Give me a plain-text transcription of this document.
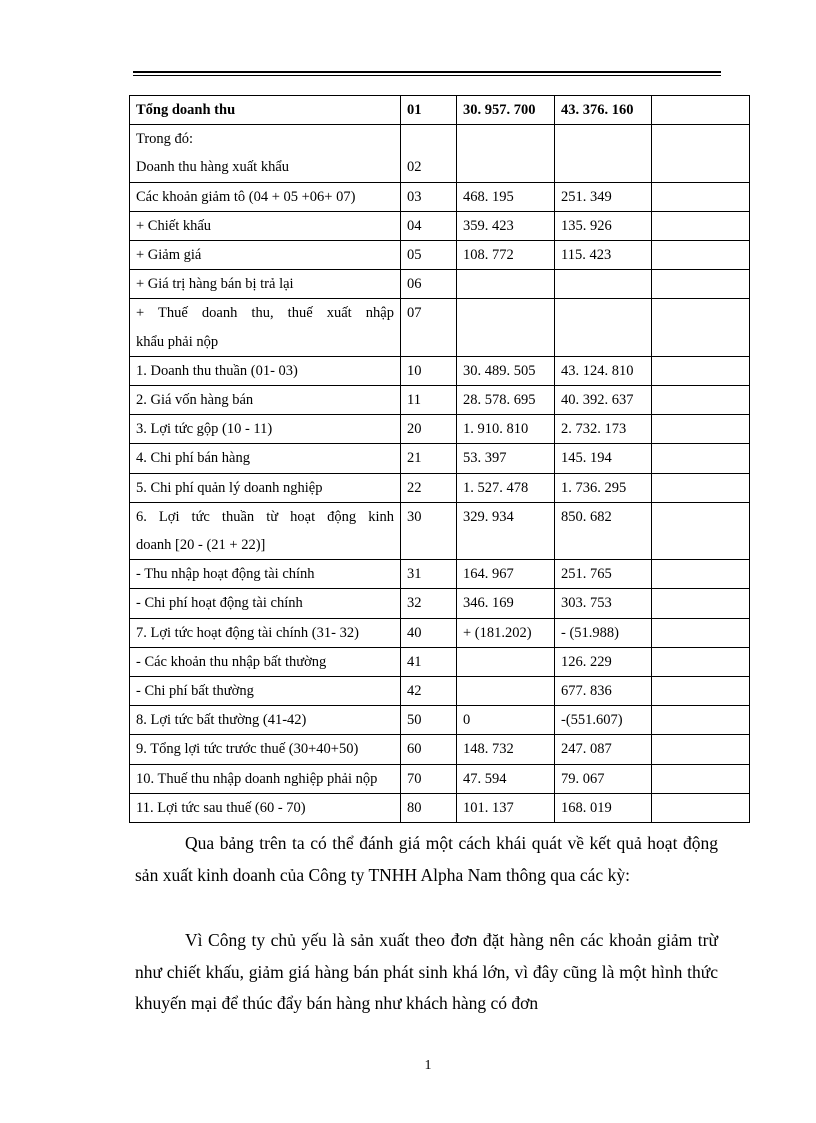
Tổng doanh thu	01	30. 957. 700	43. 376. 160	

Trong đó:
Doanh thu hàng xuất khẩu	02			
Các khoản giảm tô (04 + 05 +06+ 07)	03	468. 195	251. 349	
+ Chiết khấu	04	359. 423	135. 926	
+ Giảm giá	05	108. 772	115. 423	
+ Giá trị hàng bán bị trả lại	06			

+ Thuế doanh thu, thuế xuất nhập
khẩu phải nộp	07			
1. Doanh thu thuần (01- 03)	10	30. 489. 505	43. 124. 810	
2. Giá vốn hàng bán	11	28. 578. 695	40. 392. 637	
3. Lợi tức gộp (10 - 11)	20	1. 910. 810	2. 732. 173	
4. Chi phí bán hàng	21	53. 397	145. 194	
5. Chi phí quản lý doanh nghiệp	22	1. 527. 478	1. 736. 295	

6. Lợi tức thuần từ hoạt động kinh
doanh [20 - (21 + 22)]	30	329. 934	850. 682	
- Thu nhập hoạt động tài chính	31	164. 967	251. 765	
- Chi phí hoạt động tài chính	32	346. 169	303. 753	
7. Lợi tức hoạt động tài chính (31- 32)	40	+ (181.202)	- (51.988)	
- Các khoản thu nhập bất thường	41		126. 229	
- Chi phí bất thường	42		677. 836	
8. Lợi tức bất thường (41-42)	50	0	-(551.607)	
9. Tổng lợi tức trước thuế (30+40+50)	60	148. 732	247. 087	
10. Thuế thu nhập doanh nghiệp phải nộp	70	47. 594	79. 067	
11. Lợi tức sau thuế (60 - 70)	80	101. 137	168. 019	

Qua bảng trên ta có thể đánh giá một cách khái quát về kết quả hoạt động sản xuất kinh doanh của Công ty TNHH Alpha Nam thông qua các kỳ:

Vì Công ty chủ yếu là sản xuất theo đơn đặt hàng nên các khoản giảm trừ như chiết khấu, giảm giá hàng bán phát sinh khá lớn, vì đây cũng là một hình thức khuyến mại để thúc đẩy bán hàng như khách hàng có đơn

1
